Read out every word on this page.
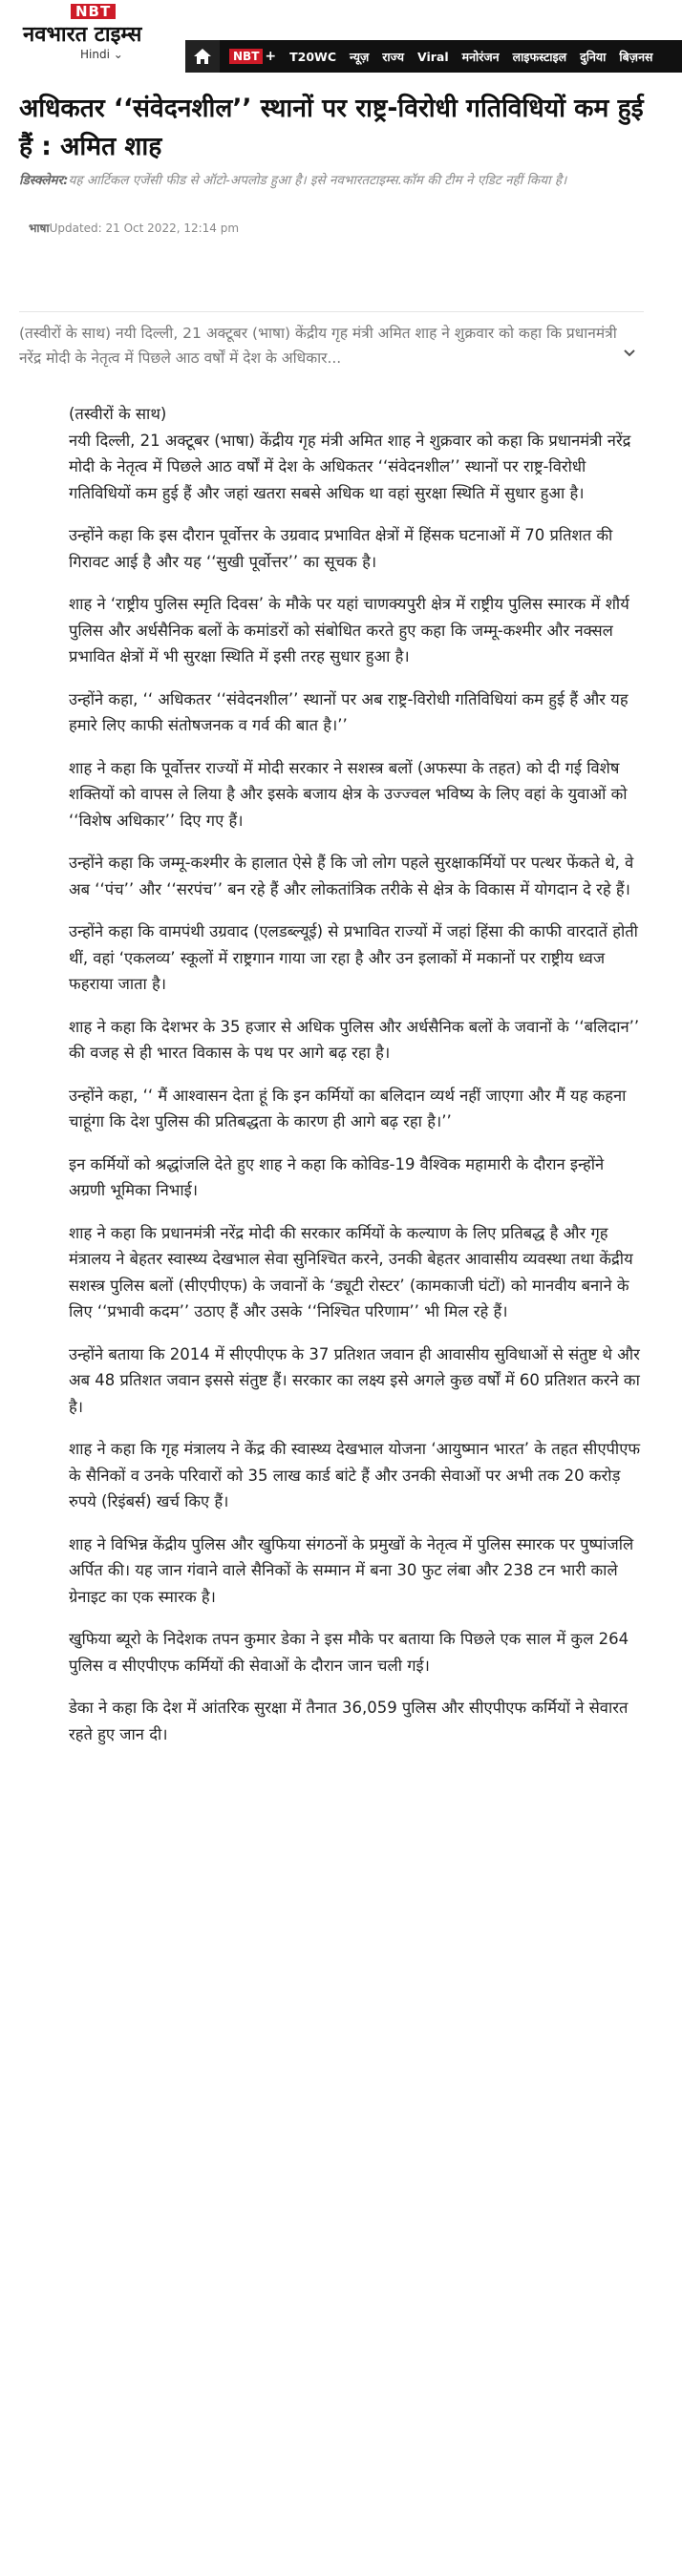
NBT
नवभारत टाइम्स
Hindi ⌄	NBT + T20WC न्यूज़ राज्य Viral मनोरंजन लाइफस्टाइल दुनिया बिज़नस
अधिकतर ‘‘संवेदनशील’’ स्थानों पर राष्ट्र-विरोधी गतिविधियों कम हुई हैं : अमित शाह
डिस्क्लेमर:यह आर्टिकल एजेंसी फीड से ऑटो-अपलोड हुआ है। इसे नवभारतटाइम्स.कॉम की टीम ने एडिट नहीं किया है।
भाषाUpdated: 21 Oct 2022, 12:14 pm
(तस्वीरों के साथ) नयी दिल्ली, 21 अक्टूबर (भाषा) केंद्रीय गृह मंत्री अमित शाह ने शुक्रवार को कहा कि प्रधानमंत्री नरेंद्र मोदी के नेतृत्व में पिछले आठ वर्षों में देश के अधिकार...

(तस्वीरों के साथ)

नयी दिल्ली, 21 अक्टूबर (भाषा) केंद्रीय गृह मंत्री अमित शाह ने शुक्रवार को कहा कि प्रधानमंत्री नरेंद्र मोदी के नेतृत्व में पिछले आठ वर्षों में देश के अधिकतर ‘‘संवेदनशील’’ स्थानों पर राष्ट्र-विरोधी गतिविधियों कम हुई हैं और जहां खतरा सबसे अधिक था वहां सुरक्षा स्थिति में सुधार हुआ है।

उन्होंने कहा कि इस दौरान पूर्वोत्तर के उग्रवाद प्रभावित क्षेत्रों में हिंसक घटनाओं में 70 प्रतिशत की गिरावट आई है और यह ‘‘सुखी पूर्वोत्तर’’ का सूचक है।

शाह ने ‘राष्ट्रीय पुलिस स्मृति दिवस’ के मौके पर यहां चाणक्यपुरी क्षेत्र में राष्ट्रीय पुलिस स्मारक में शौर्य पुलिस और अर्धसैनिक बलों के कमांडरों को संबोधित करते हुए कहा कि जम्मू-कश्मीर और नक्सल प्रभावित क्षेत्रों में भी सुरक्षा स्थिति में इसी तरह सुधार हुआ है।

उन्होंने कहा, ‘‘ अधिकतर ‘‘संवेदनशील’’ स्थानों पर अब राष्ट्र-विरोधी गतिविधियां कम हुई हैं और यह हमारे लिए काफी संतोषजनक व गर्व की बात है।’’

शाह ने कहा कि पूर्वोत्तर राज्यों में मोदी सरकार ने सशस्त्र बलों (अफस्पा के तहत) को दी गई विशेष शक्तियों को वापस ले लिया है और इसके बजाय क्षेत्र के उज्ज्वल भविष्य के लिए वहां के युवाओं को ‘‘विशेष अधिकार’’ दिए गए हैं।

उन्होंने कहा कि जम्मू-कश्मीर के हालात ऐसे हैं कि जो लोग पहले सुरक्षाकर्मियों पर पत्थर फेंकते थे, वे अब ‘‘पंच’’ और ‘‘सरपंच’’ बन रहे हैं और लोकतांत्रिक तरीके से क्षेत्र के विकास में योगदान दे रहे हैं।

उन्होंने कहा कि वामपंथी उग्रवाद (एलडब्ल्यूई) से प्रभावित राज्यों में जहां हिंसा की काफी वारदातें होती थीं, वहां ‘एकलव्य’ स्कूलों में राष्ट्रगान गाया जा रहा है और उन इलाकों में मकानों पर राष्ट्रीय ध्वज फहराया जाता है।

शाह ने कहा कि देशभर के 35 हजार से अधिक पुलिस और अर्धसैनिक बलों के जवानों के ‘‘बलिदान’’ की वजह से ही भारत विकास के पथ पर आगे बढ़ रहा है।

उन्होंने कहा, ‘‘ मैं आश्वासन देता हूं कि इन कर्मियों का बलिदान व्यर्थ नहीं जाएगा और मैं यह कहना चाहूंगा कि देश पुलिस की प्रतिबद्धता के कारण ही आगे बढ़ रहा है।’’

इन कर्मियों को श्रद्धांजलि देते हुए शाह ने कहा कि कोविड-19 वैश्विक महामारी के दौरान इन्होंने अग्रणी भूमिका निभाई।

शाह ने कहा कि प्रधानमंत्री नरेंद्र मोदी की सरकार कर्मियों के कल्याण के लिए प्रतिबद्ध है और गृह मंत्रालय ने बेहतर स्वास्थ्य देखभाल सेवा सुनिश्चित करने, उनकी बेहतर आवासीय व्यवस्था तथा केंद्रीय सशस्त्र पुलिस बलों (सीएपीएफ) के जवानों के ‘ड्यूटी रोस्टर’ (कामकाजी घंटों) को मानवीय बनाने के लिए ‘‘प्रभावी कदम’’ उठाए हैं और उसके ‘‘निश्चित परिणाम’’ भी मिल रहे हैं।

उन्होंने बताया कि 2014 में सीएपीएफ के 37 प्रतिशत जवान ही आवासीय सुविधाओं से संतुष्ट थे और अब 48 प्रतिशत जवान इससे संतुष्ट हैं। सरकार का लक्ष्य इसे अगले कुछ वर्षों में 60 प्रतिशत करने का है।

शाह ने कहा कि गृह मंत्रालय ने केंद्र की स्वास्थ्य देखभाल योजना ‘आयुष्मान भारत’ के तहत सीएपीएफ के सैनिकों व उनके परिवारों को 35 लाख कार्ड बांटे हैं और उनकी सेवाओं पर अभी तक 20 करोड़ रुपये (रिइंबर्स) खर्च किए हैं।

शाह ने विभिन्न केंद्रीय पुलिस और खुफिया संगठनों के प्रमुखों के नेतृत्व में पुलिस स्मारक पर पुष्पांजलि अर्पित की। यह जान गंवाने वाले सैनिकों के सम्मान में बना 30 फुट लंबा और 238 टन भारी काले ग्रेनाइट का एक स्मारक है।

खुफिया ब्यूरो के निदेशक तपन कुमार डेका ने इस मौके पर बताया कि पिछले एक साल में कुल 264 पुलिस व सीएपीएफ कर्मियों की सेवाओं के दौरान जान चली गई।

डेका ने कहा कि देश में आंतरिक सुरक्षा में तैनात 36,059 पुलिस और सीएपीएफ कर्मियों ने सेवारत रहते हुए जान दी।
